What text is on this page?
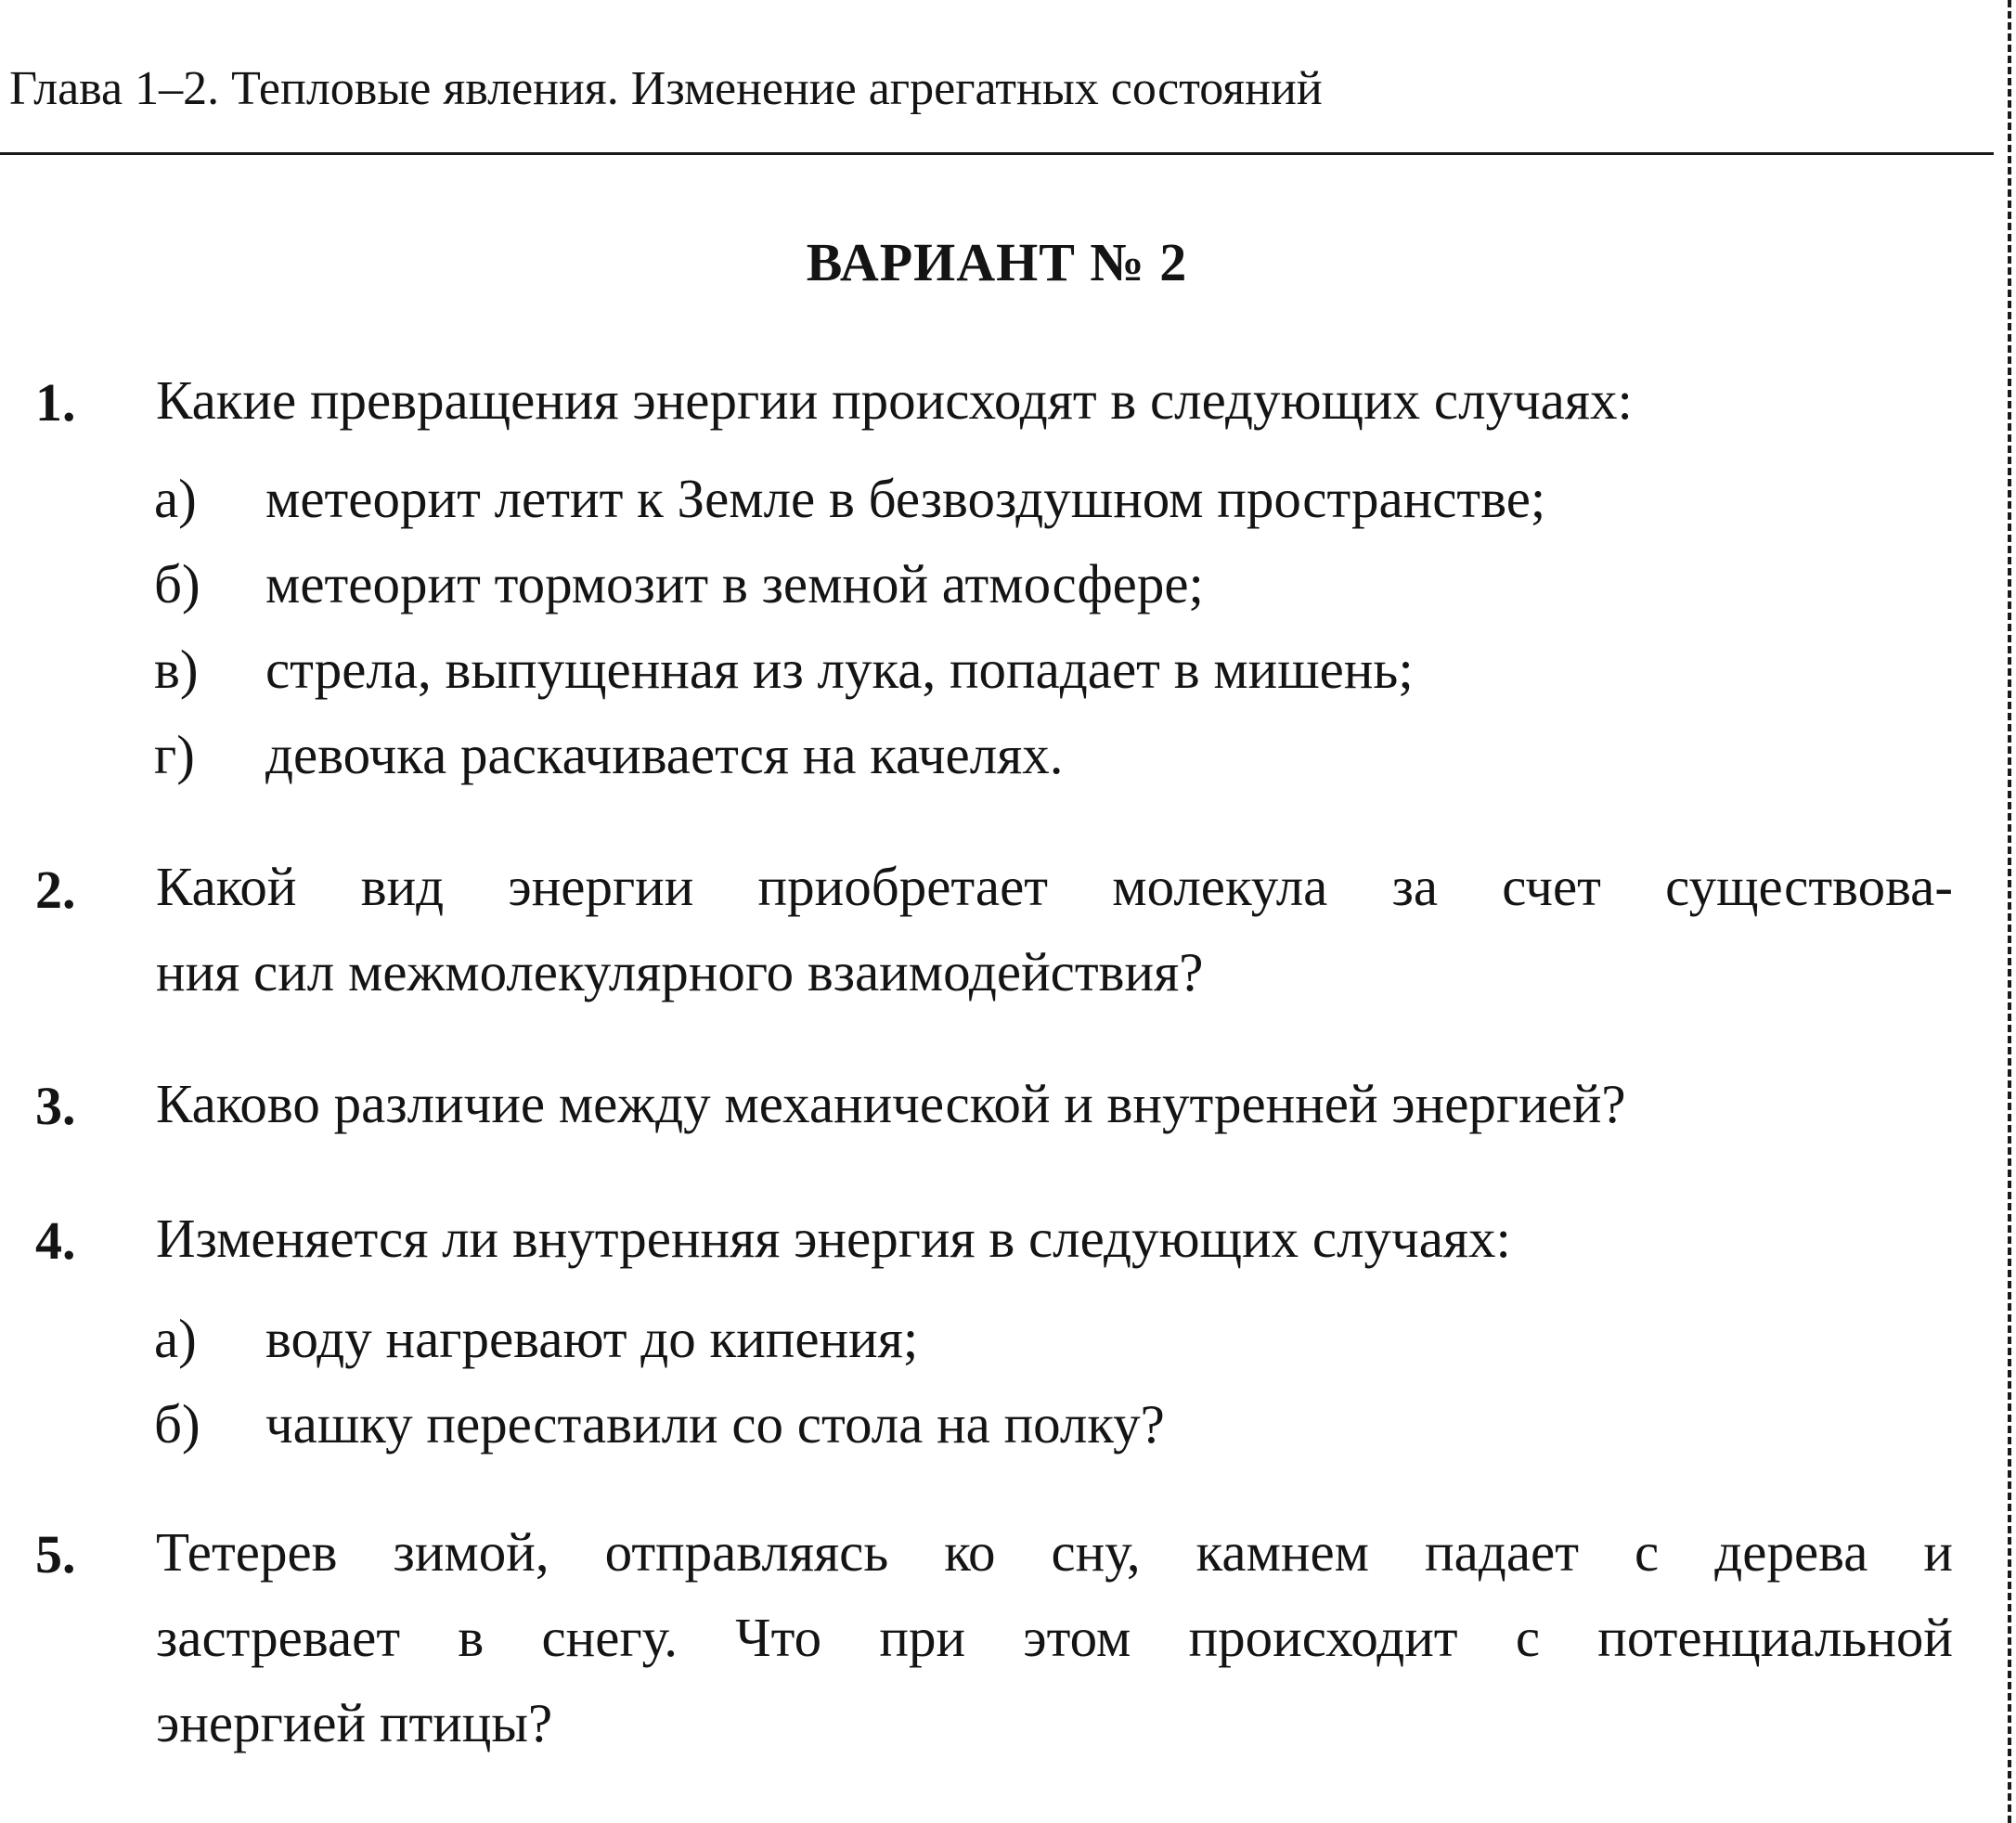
Глава 1–2. Тепловые явления. Изменение агрегатных состояний
ВАРИАНТ № 2
1. Какие превращения энергии происходят в следующих случаях:
а) метеорит летит к Земле в безвоздушном пространстве;
б) метеорит тормозит в земной атмосфере;
в) стрела, выпущенная из лука, попадает в мишень;
г) девочка раскачивается на качелях.
2. Какой вид энергии приобретает молекула за счет существова-
ния сил межмолекулярного взаимодействия?
3. Каково различие между механической и внутренней энергией?
4. Изменяется ли внутренняя энергия в следующих случаях:
а) воду нагревают до кипения;
б) чашку переставили со стола на полку?
5. Тетерев зимой, отправляясь ко сну, камнем падает с дерева и
застревает в снегу. Что при этом происходит с потенциальной
энергией птицы?
